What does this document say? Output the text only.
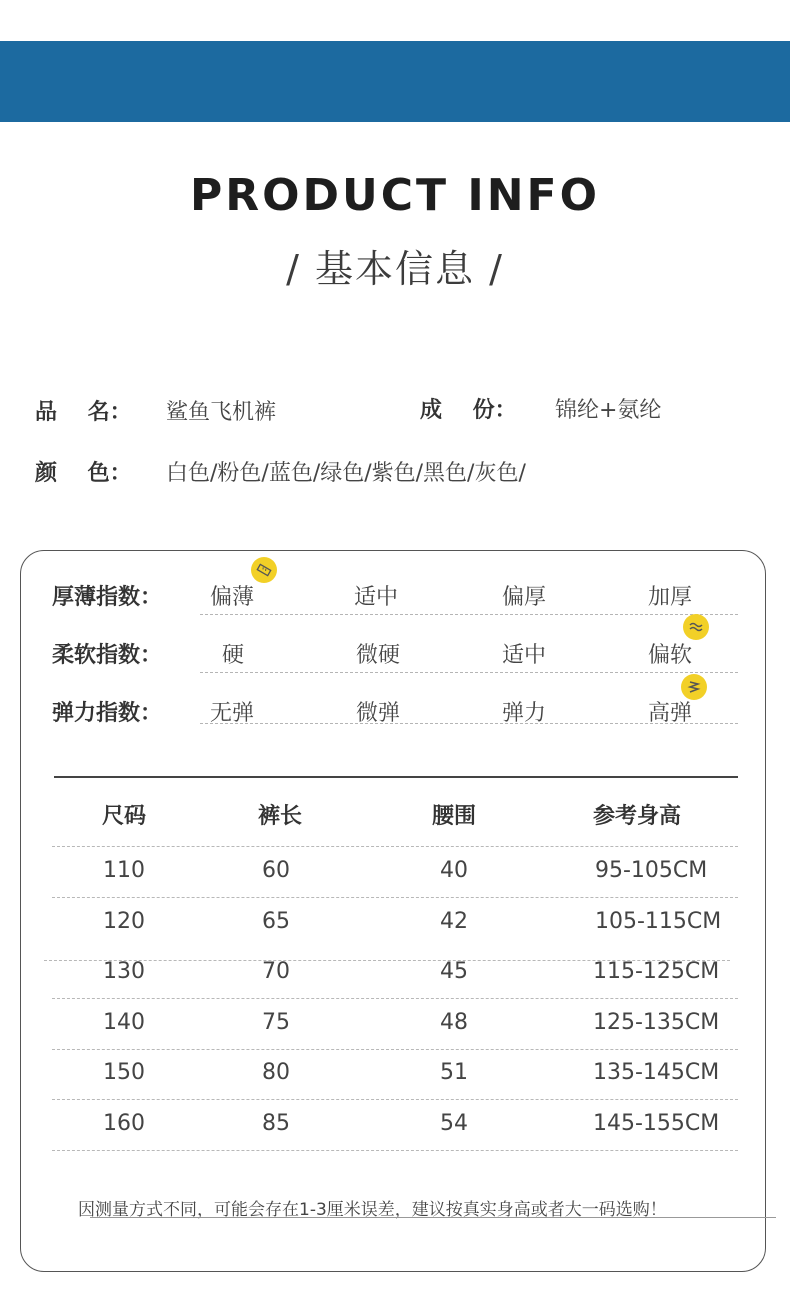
PRODUCT INFO
/ 基本信息 /
品    名： 鲨鱼飞机裤	成    份： 锦纶+氨纶
颜    色： 白色/粉色/蓝色/绿色/紫色/黑色/灰色/
厚薄指数： 偏薄	适中	偏厚	加厚
柔软指数：	硬	微硬	适中	偏软
弹力指数： 无弹	微弹	弹力	高弹
尺码	裤长	腰围	参考身高
110	60	40	95-105CM
120	65	42	105-115CM
130	70	45	115-125CM
140	75	48	125-135CM
150	80	51	135-145CM
160	85	54	145-155CM
因测量方式不同，可能会存在1-3厘米误差，建议按真实身高或者大一码选购！
